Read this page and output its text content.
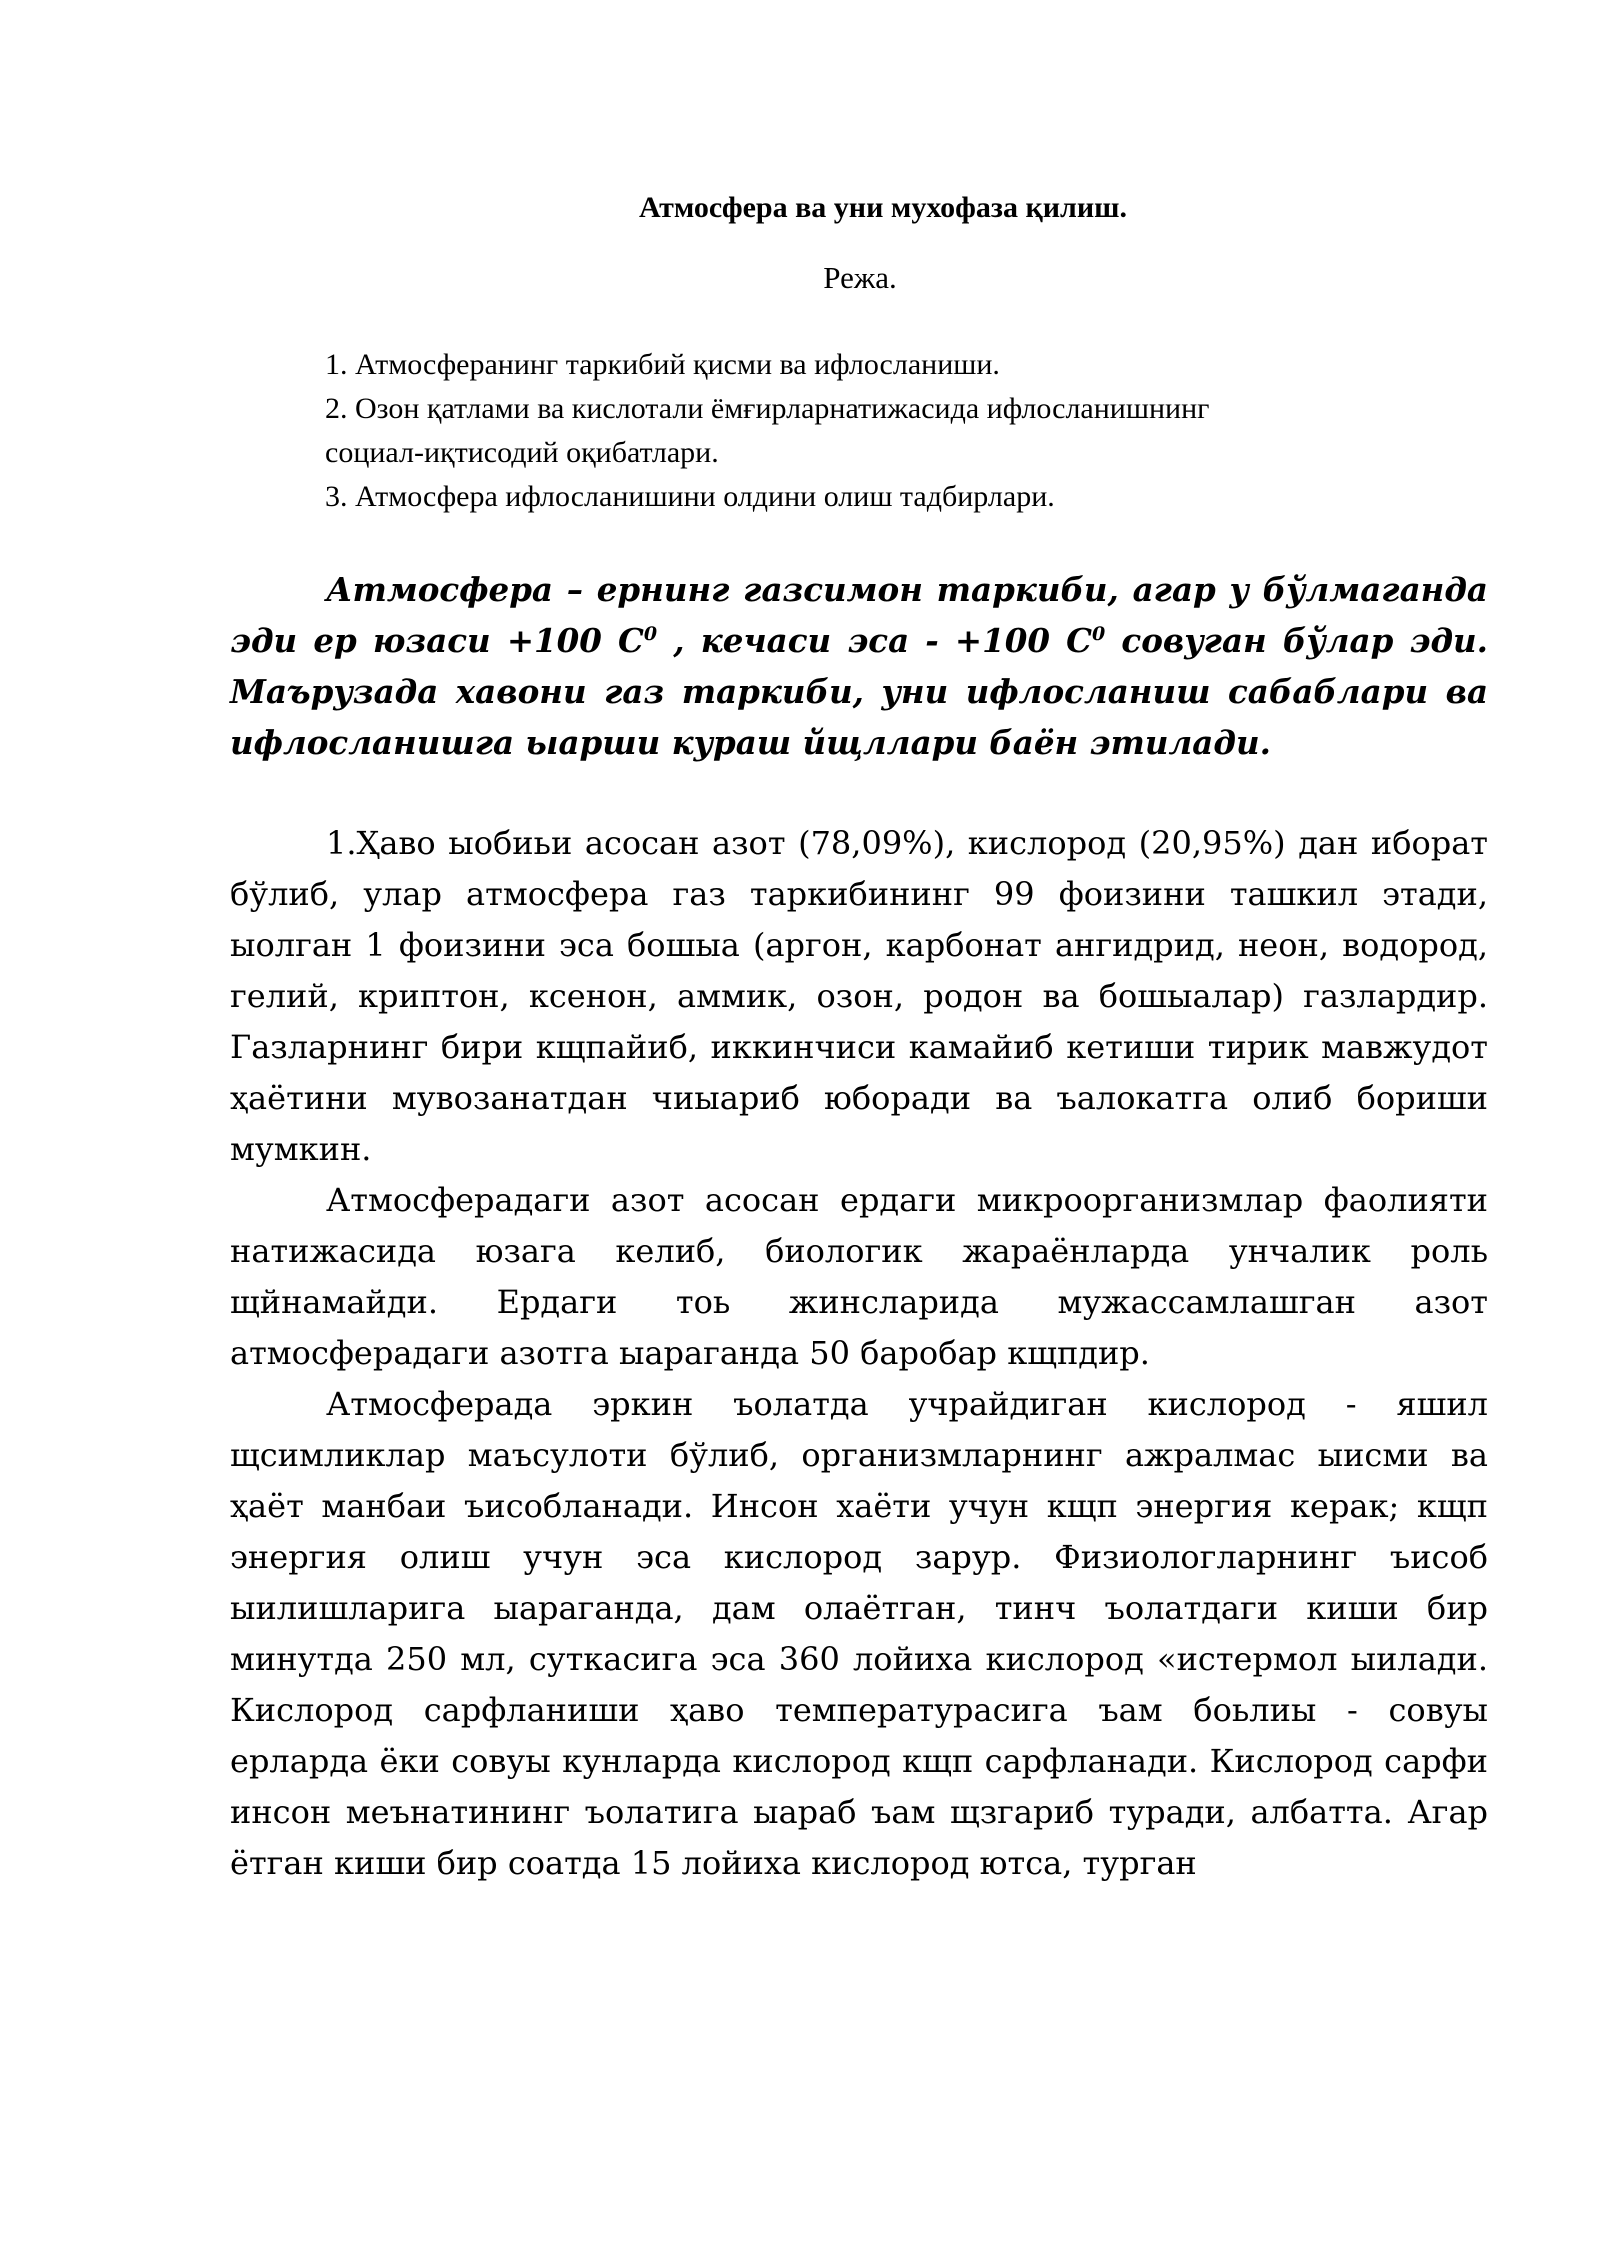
Атмосфера ва уни мухофаза қилиш.
Режа.
1. Атмосферанинг таркибий қисми ва ифлосланиши.
2. Озон қатлами ва кислотали ёмғирларнатижасида ифлосланишнинг
социал-иқтисодий оқибатлари.
3. Атмосфера ифлосланишини олдини олиш тадбирлари.
Атмосфера – ернинг газсимон таркиби, агар у бўлмаганда эди ер юзаси +100 $С^0$ , кечаси эса - +100 $С^0$ совуган бўлар эди. Маърузада хавони газ таркиби, уни ифлосланиш сабаблари ва ифлосланишга ыарши кураш йщллари баён этилади.

1.Ҳаво ыобиьи асосан азот (78,09%), кислород (20,95%) дан иборат бўлиб, улар атмосфера газ таркибининг 99 фоизини ташкил этади, ыолган 1 фоизини эса бошыа (аргон, карбонат ангидрид, неон, водород, гелий, криптон, ксенон, аммик, озон, родон ва бошыалар) газлардир. Газларнинг бири кщпайиб, иккинчиси камайиб кетиши тирик мавжудот ҳаётини мувозанатдан чиыариб юборади ва ъалокатга олиб бориши мумкин.

Атмосферадаги азот асосан ердаги микроорганизмлар фаолияти натижасида юзага келиб, биологик жараёнларда унчалик роль щйнамайди. Ердаги тоь жинсларида мужассамлашган азот атмосферадаги азотга ыараганда 50 баробар кщпдир.

Атмосферада эркин ъолатда учрайдиган кислород - яшил щсимликлар маъсулоти бўлиб, организмларнинг ажралмас ыисми ва ҳаёт манбаи ъисобланади. Инсон хаёти учун кщп энергия керак; кщп энергия олиш учун эса кислород зарур. Физиологларнинг ъисоб ыилишларига ыараганда, дам олаётган, тинч ъолатдаги киши бир минутда 250 мл, суткасига эса 360 лойиха кислород «истермол ыилади. Кислород сарфланиши ҳаво температурасига ъам боьлиы - совуы ерларда ёки совуы кунларда кислород кщп сарфланади. Кислород сарфи инсон меънатининг ъолатига ыараб ъам щзгариб туради, албатта. Агар ётган киши бир соатда 15 лойиха кислород ютса, турган
